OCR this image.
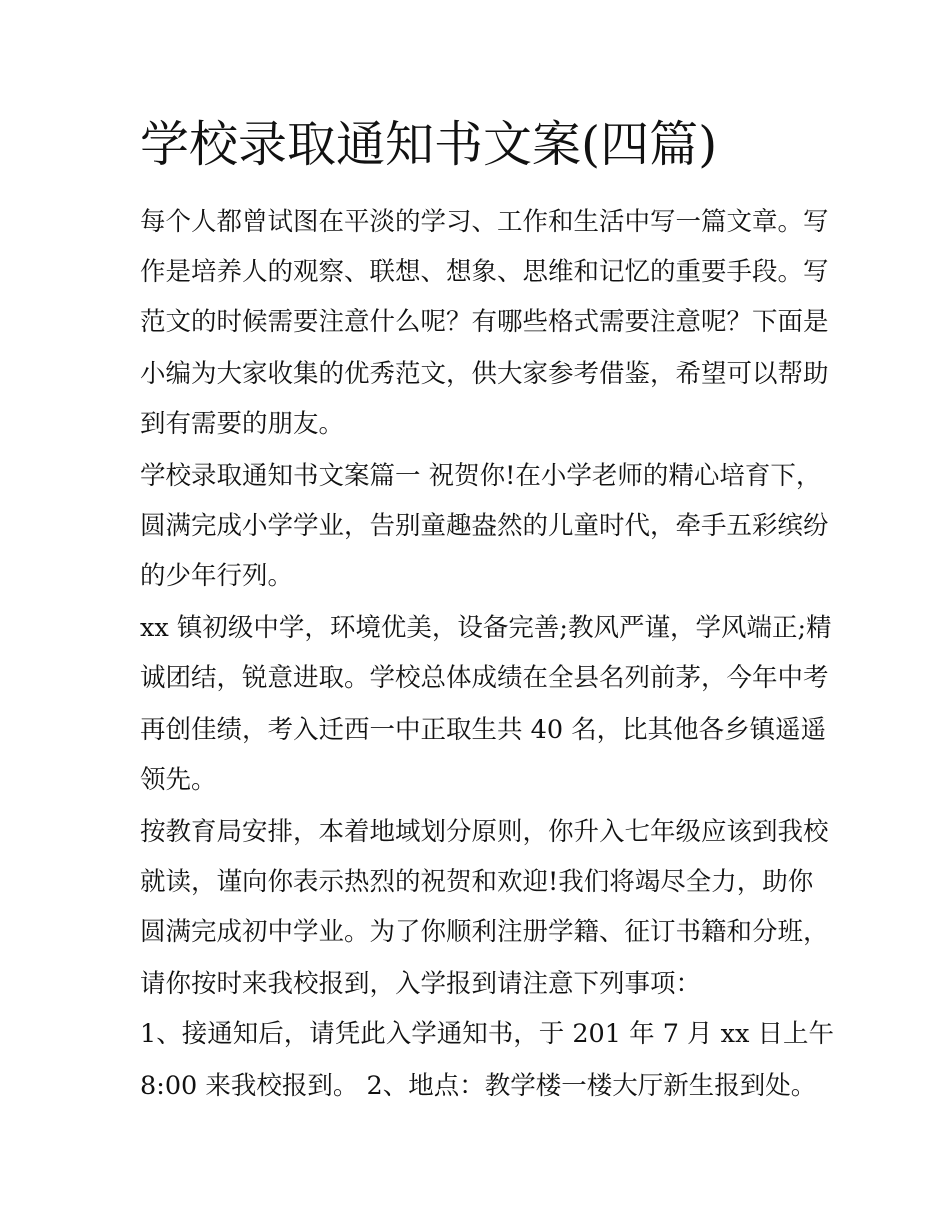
学校录取通知书文案(四篇)
每个人都曾试图在平淡的学习、工作和生活中写一篇文章。写
作是培养人的观察、联想、想象、思维和记忆的重要手段。写
范文的时候需要注意什么呢？有哪些格式需要注意呢？下面是
小编为大家收集的优秀范文，供大家参考借鉴，希望可以帮助
到有需要的朋友。
学校录取通知书文案篇一 祝贺你!在小学老师的精心培育下，
圆满完成小学学业，告别童趣盎然的儿童时代，牵手五彩缤纷
的少年行列。
xx 镇初级中学，环境优美，设备完善;教风严谨，学风端正;精
诚团结，锐意进取。学校总体成绩在全县名列前茅，今年中考
再创佳绩，考入迁西一中正取生共 40 名，比其他各乡镇遥遥
领先。
按教育局安排，本着地域划分原则，你升入七年级应该到我校
就读，谨向你表示热烈的祝贺和欢迎!我们将竭尽全力，助你
圆满完成初中学业。为了你顺利注册学籍、征订书籍和分班，
请你按时来我校报到，入学报到请注意下列事项：
1、接通知后，请凭此入学通知书，于 201 年 7 月 xx 日上午
8:00 来我校报到。 2、地点：教学楼一楼大厅新生报到处。
